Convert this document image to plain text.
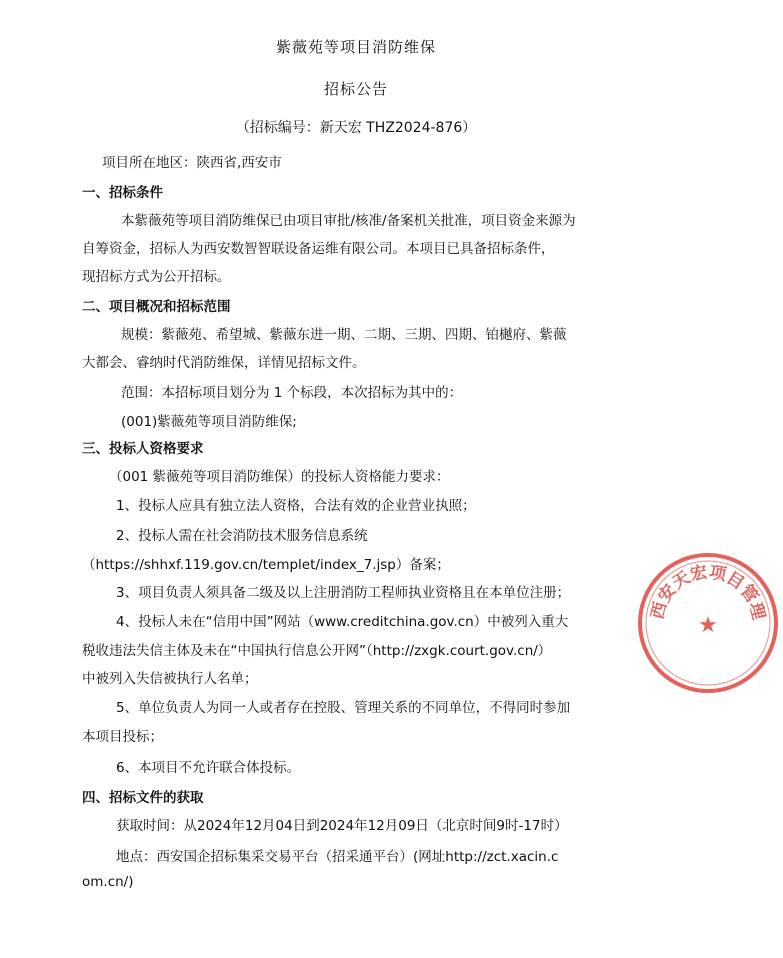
紫薇苑等项目消防维保
招标公告
（招标编号：新天宏 THZ2024-876）
项目所在地区：陕西省,西安市
一、招标条件
本紫薇苑等项目消防维保已由项目审批/核准/备案机关批准，项目资金来源为
自筹资金，招标人为西安数智智联设备运维有限公司。本项目已具备招标条件，
现招标方式为公开招标。
二、项目概况和招标范围
规模：紫薇苑、希望城、紫薇东进一期、二期、三期、四期、铂樾府、紫薇
大都会、睿纳时代消防维保，详情见招标文件。
范围：本招标项目划分为 1 个标段，本次招标为其中的：
(001)紫薇苑等项目消防维保;
三、投标人资格要求
（001 紫薇苑等项目消防维保）的投标人资格能力要求：
1、投标人应具有独立法人资格，合法有效的企业营业执照；
2、投标人需在社会消防技术服务信息系统
（https://shhxf.119.gov.cn/templet/index_7.jsp）备案；
3、项目负责人须具备二级及以上注册消防工程师执业资格且在本单位注册；
4、投标人未在“信用中国”网站（www.creditchina.gov.cn）中被列入重大
税收违法失信主体及未在“中国执行信息公开网”（http://zxgk.court.gov.cn/）
中被列入失信被执行人名单；
5、单位负责人为同一人或者存在控股、管理关系的不同单位，不得同时参加
本项目投标；
6、本项目不允许联合体投标。
四、招标文件的获取
获取时间：从2024年12月04日到2024年12月09日（北京时间9时-17时）
地点：西安国企招标集采交易平台（招采通平台）(网址http://zct.xacin.c
om.cn/)
西安天宏项目管理
★
